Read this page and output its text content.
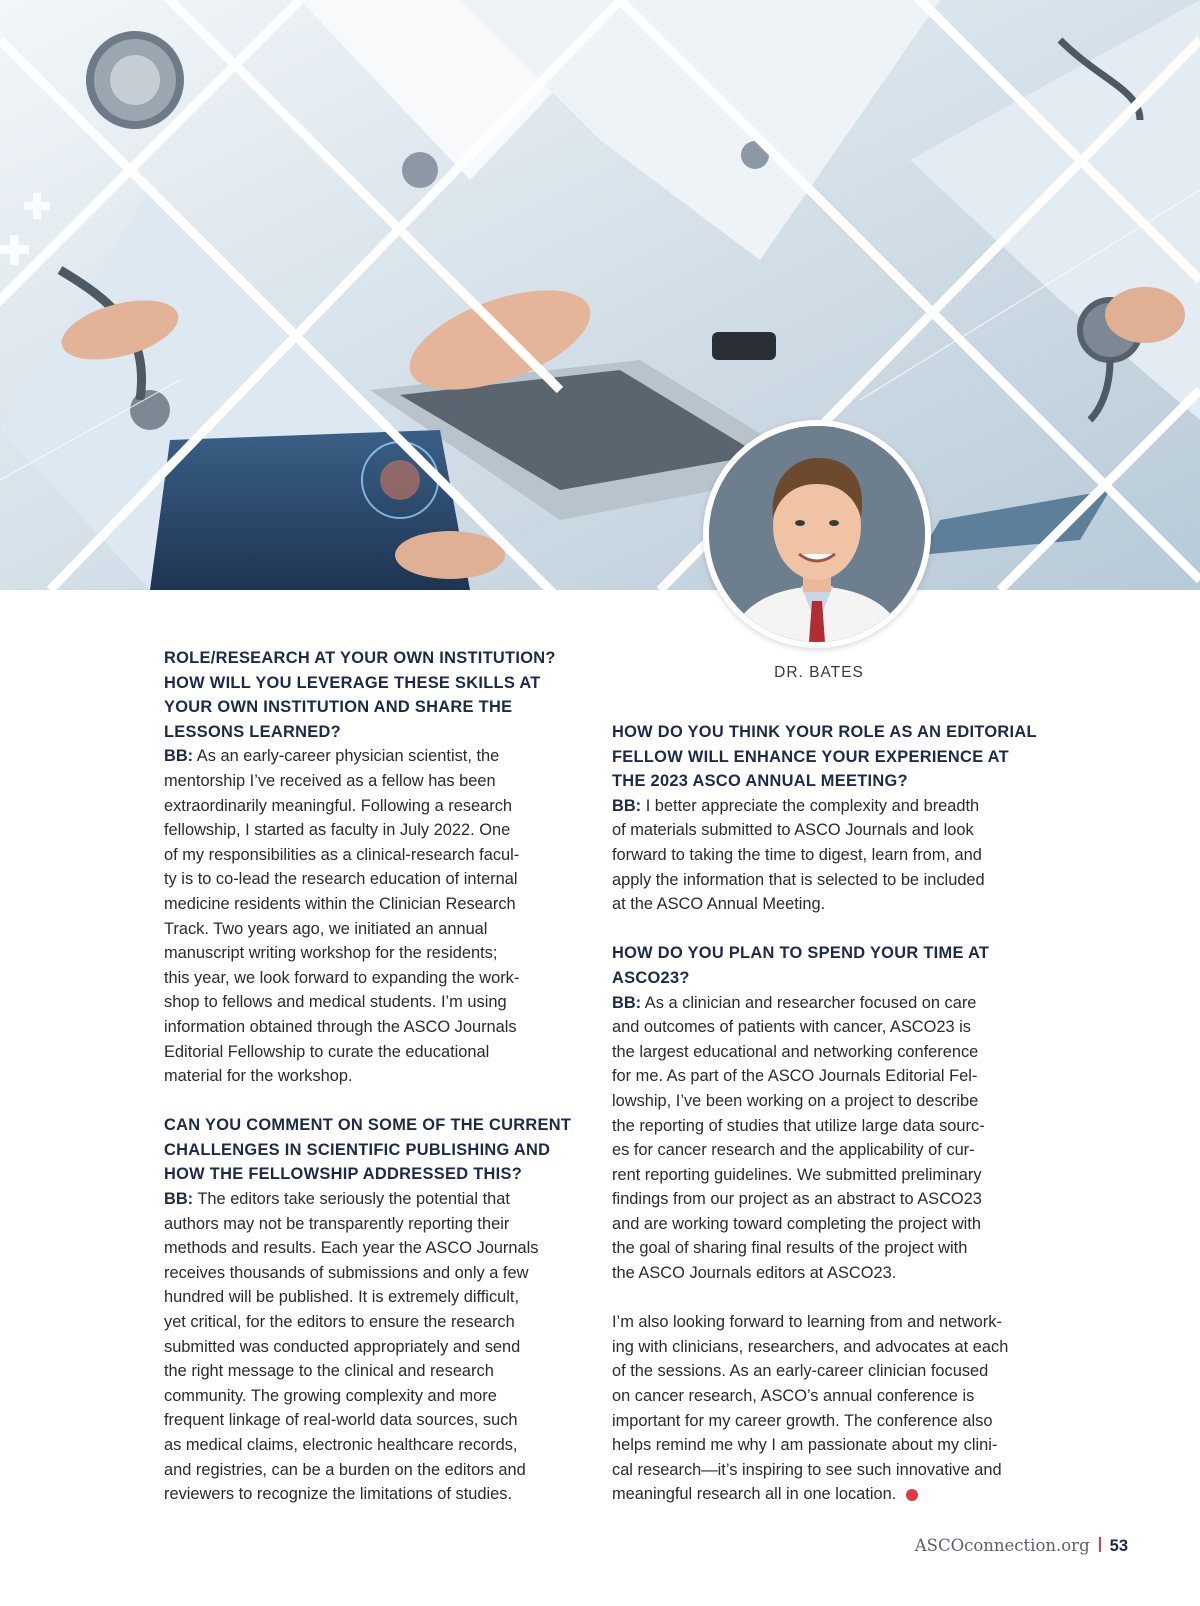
DR. BATES
ROLE/RESEARCH AT YOUR OWN INSTITUTION?
HOW WILL YOU LEVERAGE THESE SKILLS AT
YOUR OWN INSTITUTION AND SHARE THE
LESSONS LEARNED?
BB: As an early-career physician scientist, the
mentorship I’ve received as a fellow has been
extraordinarily meaningful. Following a research
fellowship, I started as faculty in July 2022. One
of my responsibilities as a clinical-research facul-
ty is to co-lead the research education of internal
medicine residents within the Clinician Research
Track. Two years ago, we initiated an annual
manuscript writing workshop for the residents;
this year, we look forward to expanding the work-
shop to fellows and medical students. I’m using
information obtained through the ASCO Journals
Editorial Fellowship to curate the educational
material for the workshop.
CAN YOU COMMENT ON SOME OF THE CURRENT
CHALLENGES IN SCIENTIFIC PUBLISHING AND
HOW THE FELLOWSHIP ADDRESSED THIS?
BB: The editors take seriously the potential that
authors may not be transparently reporting their
methods and results. Each year the ASCO Journals
receives thousands of submissions and only a few
hundred will be published. It is extremely difficult,
yet critical, for the editors to ensure the research
submitted was conducted appropriately and send
the right message to the clinical and research
community. The growing complexity and more
frequent linkage of real-world data sources, such
as medical claims, electronic healthcare records,
and registries, can be a burden on the editors and
reviewers to recognize the limitations of studies.
HOW DO YOU THINK YOUR ROLE AS AN EDITORIAL
FELLOW WILL ENHANCE YOUR EXPERIENCE AT
THE 2023 ASCO ANNUAL MEETING?
BB: I better appreciate the complexity and breadth
of materials submitted to ASCO Journals and look
forward to taking the time to digest, learn from, and
apply the information that is selected to be included
at the ASCO Annual Meeting.
HOW DO YOU PLAN TO SPEND YOUR TIME AT
ASCO23?
BB: As a clinician and researcher focused on care
and outcomes of patients with cancer, ASCO23 is
the largest educational and networking conference
for me. As part of the ASCO Journals Editorial Fel-
lowship, I’ve been working on a project to describe
the reporting of studies that utilize large data sourc-
es for cancer research and the applicability of cur-
rent reporting guidelines. We submitted preliminary
findings from our project as an abstract to ASCO23
and are working toward completing the project with
the goal of sharing final results of the project with
the ASCO Journals editors at ASCO23.
I’m also looking forward to learning from and network-
ing with clinicians, researchers, and advocates at each
of the sessions. As an early-career clinician focused
on cancer research, ASCO’s annual conference is
important for my career growth. The conference also
helps remind me why I am passionate about my clini-
cal research—it’s inspiring to see such innovative and
meaningful research all in one location.
ASCOconnection.org 53
